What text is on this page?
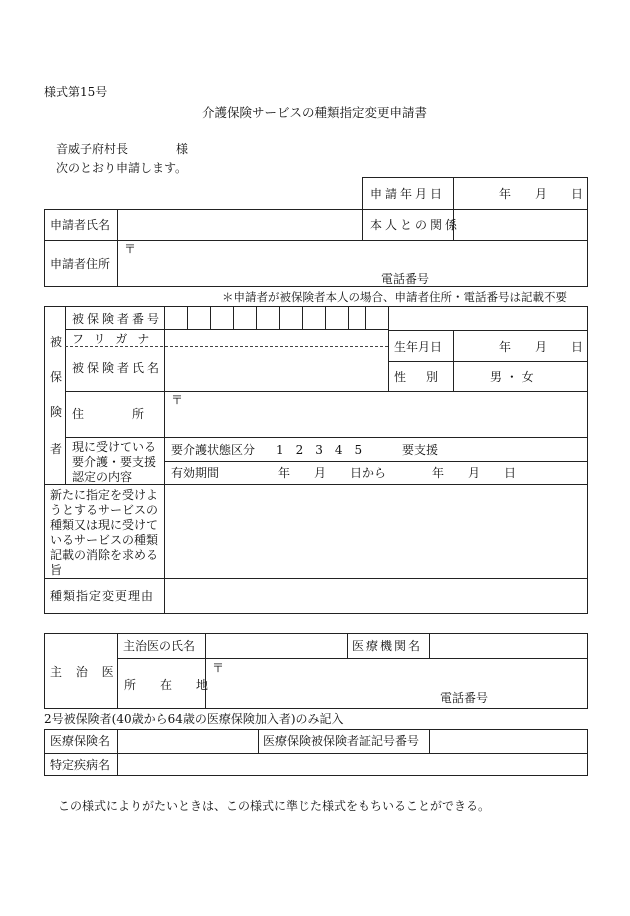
様式第15号
介護保険サービスの種類指定変更申請書
音威子府村長	様
次のとおり申請します。
申請年月日	年 月 日
申請者氏名	本人との関係
申請者住所
〒
電話番号
＊申請者が被保険者本人の場合、申請者住所・電話番号は記載不要
被
保
険
者
被保険者番号
フリガナ
被保険者氏名
生年月日	年 月 日
性　別	男 ・ 女
住　所
〒
現に受けている
要介護・要支援
認定の内容
要介護状態区分 1　2　3　4　5	要支援
有効期間	年 月 日から	年 月 日
新たに指定を受けよ
うとするサービスの
種類又は現に受けて
いるサービスの種類
記載の消除を求める
旨
種類指定変更理由
主 治 医
主治医の氏名	医療機関名
所　在　地
〒
電話番号
2号被保険者(40歳から64歳の医療保険加入者)のみ記入
医療保険名	医療保険被保険者証記号番号
特定疾病名
この様式によりがたいときは、この様式に準じた様式をもちいることができる。
